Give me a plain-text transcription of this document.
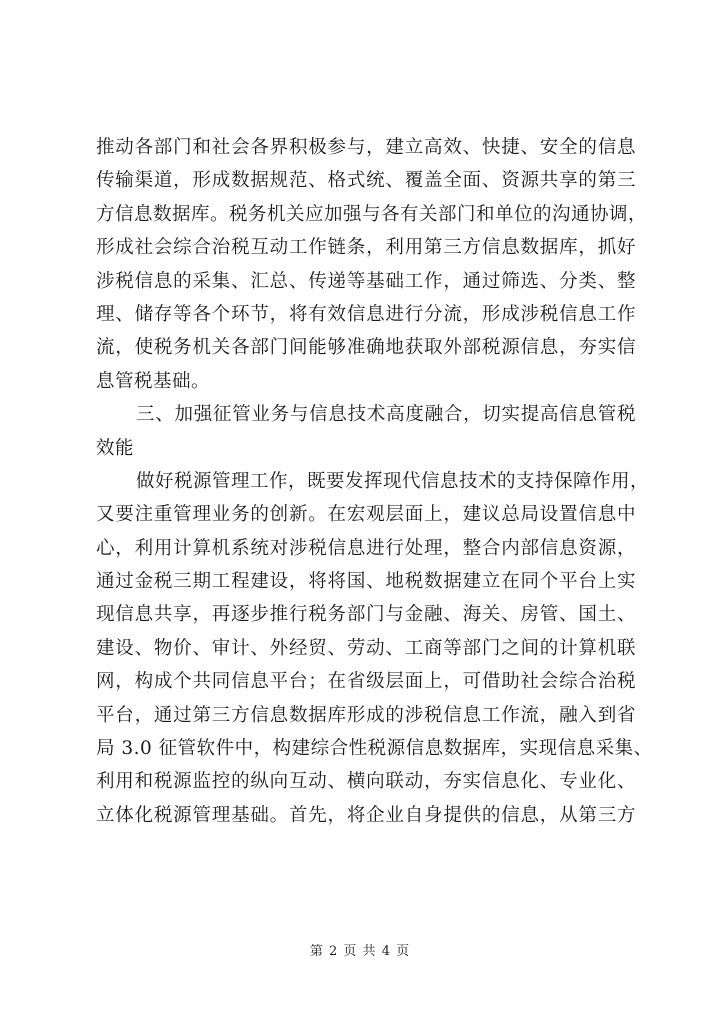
推动各部门和社会各界积极参与，建立高效、快捷、安全的信息
传输渠道，形成数据规范、格式统、覆盖全面、资源共享的第三
方信息数据库。税务机关应加强与各有关部门和单位的沟通协调，
形成社会综合治税互动工作链条，利用第三方信息数据库，抓好
涉税信息的采集、汇总、传递等基础工作，通过筛选、分类、整
理、储存等各个环节，将有效信息进行分流，形成涉税信息工作
流，使税务机关各部门间能够准确地获取外部税源信息，夯实信
息管税基础。
三、加强征管业务与信息技术高度融合，切实提高信息管税
效能
做好税源管理工作，既要发挥现代信息技术的支持保障作用，
又要注重管理业务的创新。在宏观层面上，建议总局设置信息中
心，利用计算机系统对涉税信息进行处理，整合内部信息资源，
通过金税三期工程建设，将将国、地税数据建立在同个平台上实
现信息共享，再逐步推行税务部门与金融、海关、房管、国土、
建设、物价、审计、外经贸、劳动、工商等部门之间的计算机联
网，构成个共同信息平台；在省级层面上，可借助社会综合治税
平台，通过第三方信息数据库形成的涉税信息工作流，融入到省
局 3.0 征管软件中，构建综合性税源信息数据库，实现信息采集、
利用和税源监控的纵向互动、横向联动，夯实信息化、专业化、
立体化税源管理基础。首先，将企业自身提供的信息，从第三方
第 2 页 共 4 页
